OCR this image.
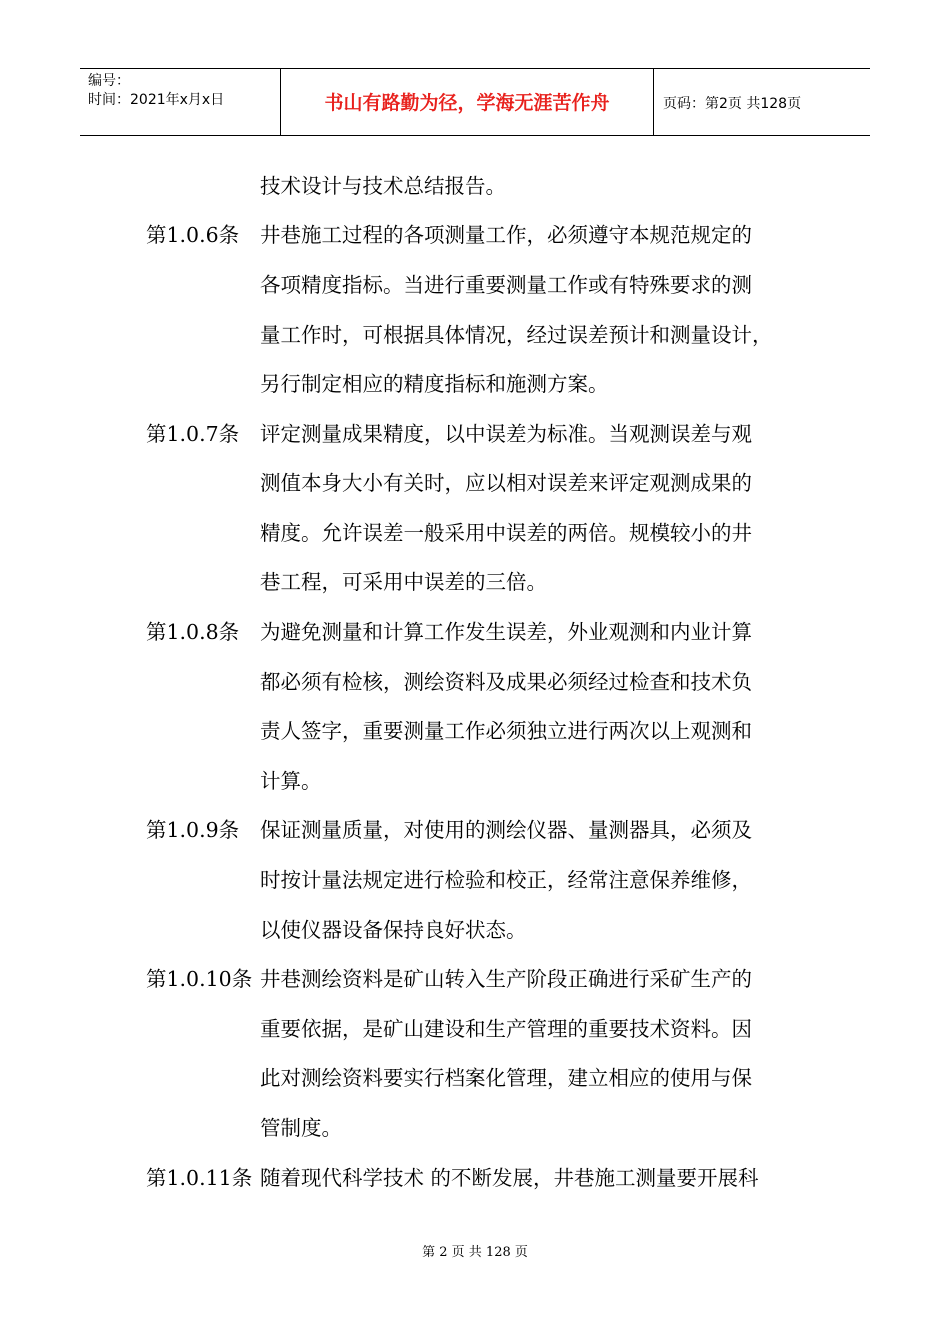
编号：
时间：2021年x月x日	书山有路勤为径，学海无涯苦作舟	页码：第2页 共128页
技术设计与技术总结报告。
第1.0.6条 井巷施工过程的各项测量工作，必须遵守本规范规定的
各项精度指标。当进行重要测量工作或有特殊要求的测
量工作时，可根据具体情况，经过误差预计和测量设计，
另行制定相应的精度指标和施测方案。
第1.0.7条 评定测量成果精度，以中误差为标准。当观测误差与观
测值本身大小有关时，应以相对误差来评定观测成果的
精度。允许误差一般采用中误差的两倍。规模较小的井
巷工程，可采用中误差的三倍。
第1.0.8条 为避免测量和计算工作发生误差，外业观测和内业计算
都必须有检核，测绘资料及成果必须经过检查和技术负
责人签字，重要测量工作必须独立进行两次以上观测和
计算。
第1.0.9条 保证测量质量，对使用的测绘仪器、量测器具，必须及
时按计量法规定进行检验和校正，经常注意保养维修，
以使仪器设备保持良好状态。
第1.0.10条 井巷测绘资料是矿山转入生产阶段正确进行采矿生产的
重要依据，是矿山建设和生产管理的重要技术资料。因
此对测绘资料要实行档案化管理，建立相应的使用与保
管制度。
第1.0.11条 随着现代科学技术 的不断发展，井巷施工测量要开展科
第 2 页 共 128 页
